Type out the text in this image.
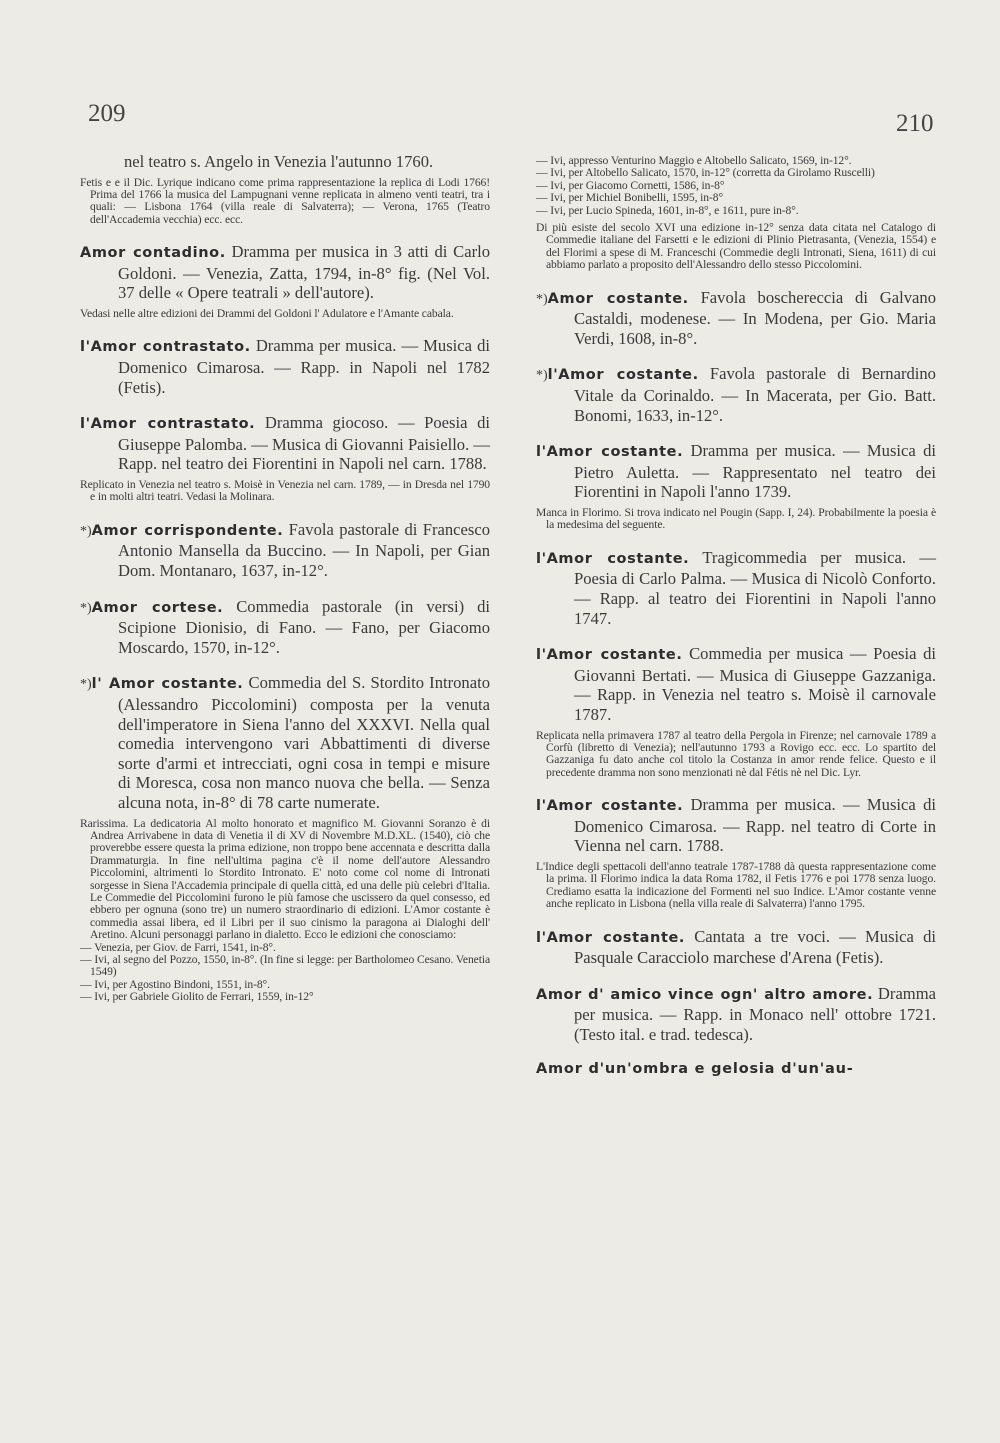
209	210

nel teatro s. Angelo in Venezia l'autunno 1760.

Fetis e e il Dic. Lyrique indicano come prima rappresentazione la replica di Lodi 1766! Prima del 1766 la musica del Lampugnani venne replicata in almeno venti teatri, tra i quali: — Lisbona 1764 (villa reale di Salvaterra); — Verona, 1765 (Teatro dell'Accademia vecchia) ecc. ecc.

Amor contadino. Dramma per musica in 3 atti di Carlo Goldoni. — Venezia, Zatta, 1794, in-8° fig. (Nel Vol. 37 delle « Opere teatrali » dell'autore).

Vedasi nelle altre edizioni dei Drammi del Goldoni l' Adulatore e l'Amante cabala.

l'Amor contrastato. Dramma per musica. — Musica di Domenico Cimarosa. — Rapp. in Napoli nel 1782 (Fetis).

l'Amor contrastato. Dramma giocoso. — Poesia di Giuseppe Palomba. — Musica di Giovanni Paisiello. — Rapp. nel teatro dei Fiorentini in Napoli nel carn. 1788.

Replicato in Venezia nel teatro s. Moisè in Venezia nel carn. 1789, — in Dresda nel 1790 e in molti altri teatri. Vedasi la Molinara.

*)Amor corrispondente. Favola pastorale di Francesco Antonio Mansella da Buccino. — In Napoli, per Gian Dom. Montanaro, 1637, in-12°.

*)Amor cortese. Commedia pastorale (in versi) di Scipione Dionisio, di Fano. — Fano, per Giacomo Moscardo, 1570, in-12°.

*)l' Amor costante. Commedia del S. Stordito Intronato (Alessandro Piccolomini) composta per la venuta dell'imperatore in Siena l'anno del XXXVI. Nella qual comedia intervengono vari Abbattimenti di diverse sorte d'armi et intrecciati, ogni cosa in tempi e misure di Moresca, cosa non manco nuova che bella. — Senza alcuna nota, in-8° di 78 carte numerate.

Rarissima. La dedicatoria Al molto honorato et magnifico M. Giovanni Soranzo è di Andrea Arrivabene in data di Venetia il di XV di Novembre M.D.XL. (1540), ciò che proverebbe essere questa la prima edizione, non troppo bene accennata e descritta dalla Drammaturgia. In fine nell'ultima pagina c'è il nome dell'autore Alessandro Piccolomini, altrimenti lo Stordito Intronato. E' noto come col nome di Intronati sorgesse in Siena l'Accademia principale di quella città, ed una delle più celebri d'Italia. Le Commedie del Piccolomini furono le più famose che uscissero da quel consesso, ed ebbero per ognuna (sono tre) un numero straordinario di edizioni. L'Amor costante è commedia assai libera, ed il Libri per il suo cinismo la paragona ai Dialoghi dell' Aretino. Alcuni personaggi parlano in dialetto. Ecco le edizioni che conosciamo:

— Venezia, per Giov. de Farri, 1541, in-8°.

— Ivi, al segno del Pozzo, 1550, in-8°. (In fine si legge: per Bartholomeo Cesano. Venetia 1549)

— Ivi, per Agostino Bindoni, 1551, in-8°.

— Ivi, per Gabriele Giolito de Ferrari, 1559, in-12°

— Ivi, appresso Venturino Maggio e Altobello Salicato, 1569, in-12°.

— Ivi, per Altobello Salicato, 1570, in-12° (corretta da Girolamo Ruscelli)

— Ivi, per Giacomo Cornetti, 1586, in-8°

— Ivi, per Michiel Bonibelli, 1595, in-8°

— Ivi, per Lucio Spineda, 1601, in-8°, e 1611, pure in-8°.

Di più esiste del secolo XVI una edizione in-12° senza data citata nel Catalogo di Commedie italiane del Farsetti e le edizioni di Plinio Pietrasanta, (Venezia, 1554) e del Florimi a spese di M. Franceschi (Commedie degli Intronati, Siena, 1611) di cui abbiamo parlato a proposito dell'Alessandro dello stesso Piccolomini.

*)Amor costante. Favola boschereccia di Galvano Castaldi, modenese. — In Modena, per Gio. Maria Verdi, 1608, in-8°.

*)l'Amor costante. Favola pastorale di Bernardino Vitale da Corinaldo. — In Macerata, per Gio. Batt. Bonomi, 1633, in-12°.

l'Amor costante. Dramma per musica. — Musica di Pietro Auletta. — Rappresentato nel teatro dei Fiorentini in Napoli l'anno 1739.

Manca in Florimo. Si trova indicato nel Pougin (Sapp. I, 24). Probabilmente la poesia è la medesima del seguente.

l'Amor costante. Tragicommedia per musica. — Poesia di Carlo Palma. — Musica di Nicolò Conforto. — Rapp. al teatro dei Fiorentini in Napoli l'anno 1747.

l'Amor costante. Commedia per musica — Poesia di Giovanni Bertati. — Musica di Giuseppe Gazzaniga. — Rapp. in Venezia nel teatro s. Moisè il carnovale 1787.

Replicata nella primavera 1787 al teatro della Pergola in Firenze; nel carnovale 1789 a Corfù (libretto di Venezia); nell'autunno 1793 a Rovigo ecc. ecc. Lo spartito del Gazzaniga fu dato anche col titolo la Costanza in amor rende felice. Questo e il precedente dramma non sono menzionati nè dal Fétis nè nel Dic. Lyr.

l'Amor costante. Dramma per musica. — Musica di Domenico Cimarosa. — Rapp. nel teatro di Corte in Vienna nel carn. 1788.

L'Indice degli spettacoli dell'anno teatrale 1787-1788 dà questa rappresentazione come la prima. Il Florimo indica la data Roma 1782, il Fetis 1776 e poi 1778 senza luogo. Crediamo esatta la indicazione del Formenti nel suo Indice. L'Amor costante venne anche replicato in Lisbona (nella villa reale di Salvaterra) l'anno 1795.

l'Amor costante. Cantata a tre voci. — Musica di Pasquale Caracciolo marchese d'Arena (Fetis).

Amor d' amico vince ogn' altro amore. Dramma per musica. — Rapp. in Monaco nell' ottobre 1721. (Testo ital. e trad. tedesca).

Amor d'un'ombra e gelosia d'un'au-
